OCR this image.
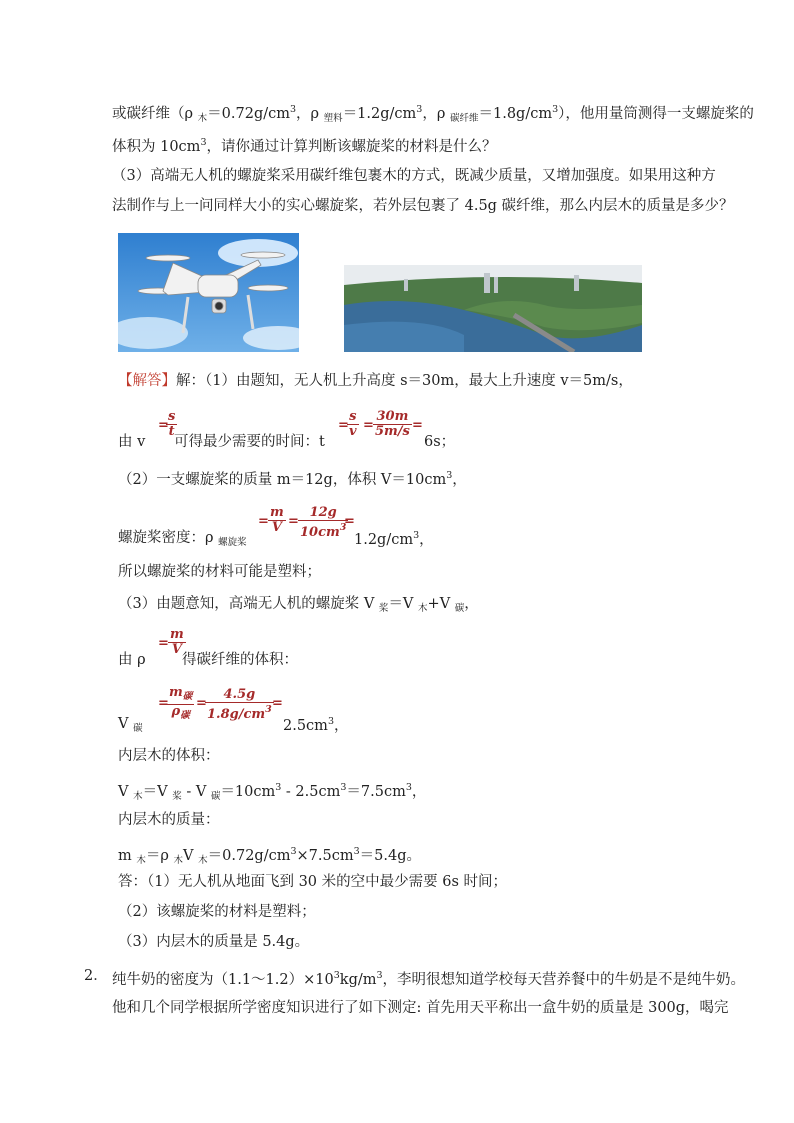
或碳纤维（ρ $_木=0.72g/cm^3$，ρ $_{塑料}=1.2g/cm^3$，ρ $_{碳纤维}=1.8g/cm^3$），他用量筒测得一支螺旋桨的
体积为 $10cm^3$，请你通过计算判断该螺旋桨的材料是什么？
（3）高端无人机的螺旋桨采用碳纤维包裹木的方式，既减少质量，又增加强度。如果用这种方
法制作与上一问同样大小的实心螺旋桨，若外层包裹了 4.5g 碳纤维，那么内层木的质量是多少？
【解答】解：（1）由题知，无人机上升高度 s＝30m，最大上升速度 v＝5m/s，
由 v
=
$\frac{s}{t}$
可得最少需要的时间：t
=
$\frac{s}{v} = \frac{30m}{5m/s}$ =
6s；
（2）一支螺旋桨的质量 m＝12g，体积 $V=10cm^3$，
螺旋桨密度：ρ $_{螺旋桨}$
= $\frac{m}{V} = \frac{12g}{10cm^3}$
=
$1.2g/cm^3$，
所以螺旋桨的材料可能是塑料；
（3）由题意知，高端无人机的螺旋桨 V $_桨$＝V $_木$+V $_碳$，
由 ρ
= $\frac{m}{V}$
得碳纤维的体积：
V $_碳$
=
$m_碳$
$\rho_碳$
=
$\frac{4.5g}{1.8g/cm^3}$
=
$2.5cm^3$，
内层木的体积：
V $_木$＝V $_桨$ - V $_碳=10cm^3 - 2.5cm^3=7.5cm^3$，
内层木的质量：
m $_木$＝ρ $_木$V $_木=0.72g/cm^3\times 7.5cm^3=5.4g$。
答：（1）无人机从地面飞到 30 米的空中最少需要 6s 时间；
（2）该螺旋桨的材料是塑料；
（3）内层木的质量是 5.4g。
2． 纯牛奶的密度为$(1.1\sim 1.2)\times 10^3kg/m^3$，李明很想知道学校每天营养餐中的牛奶是不是纯牛奶。
他和几个同学根据所学密度知识进行了如下测定: 首先用天平称出一盒牛奶的质量是 300g，喝完
